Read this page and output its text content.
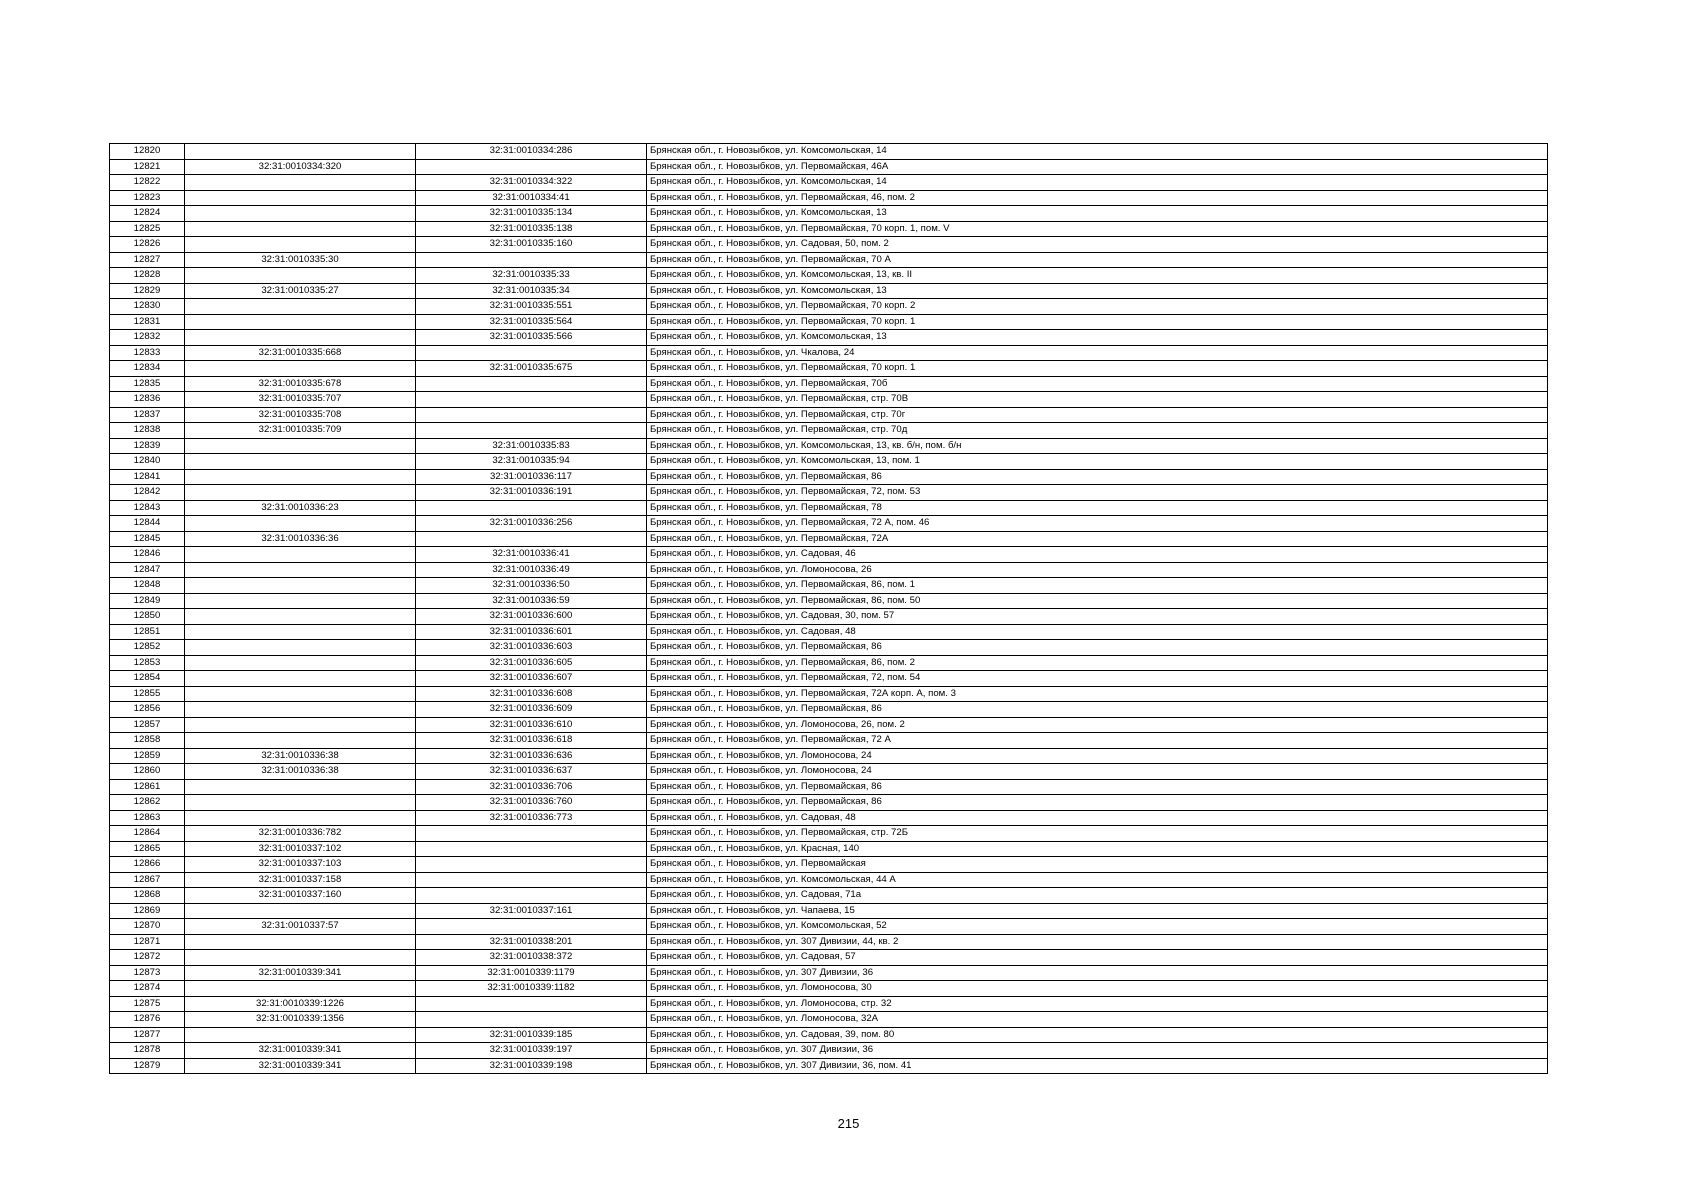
12820		32:31:0010334:286	Брянская обл., г. Новозыбков, ул. Комсомольская, 14
12821	32:31:0010334:320		Брянская обл., г. Новозыбков, ул. Первомайская, 46А
12822		32:31:0010334:322	Брянская обл., г. Новозыбков, ул. Комсомольская, 14
12823		32:31:0010334:41	Брянская обл., г. Новозыбков, ул. Первомайская, 46, пом. 2
12824		32:31:0010335:134	Брянская обл., г. Новозыбков, ул. Комсомольская, 13
12825		32:31:0010335:138	Брянская обл., г. Новозыбков, ул. Первомайская, 70 корп. 1, пом. V
12826		32:31:0010335:160	Брянская обл., г. Новозыбков, ул. Садовая, 50, пом. 2
12827	32:31:0010335:30		Брянская обл., г. Новозыбков, ул. Первомайская, 70 А
12828		32:31:0010335:33	Брянская обл., г. Новозыбков, ул. Комсомольская, 13, кв. II
12829	32:31:0010335:27	32:31:0010335:34	Брянская обл., г. Новозыбков, ул. Комсомольская, 13
12830		32:31:0010335:551	Брянская обл., г. Новозыбков, ул. Первомайская, 70 корп. 2
12831		32:31:0010335:564	Брянская обл., г. Новозыбков, ул. Первомайская, 70 корп. 1
12832		32:31:0010335:566	Брянская обл., г. Новозыбков, ул. Комсомольская, 13
12833	32:31:0010335:668		Брянская обл., г. Новозыбков, ул. Чкалова, 24
12834		32:31:0010335:675	Брянская обл., г. Новозыбков, ул. Первомайская, 70 корп. 1
12835	32:31:0010335:678		Брянская обл., г. Новозыбков, ул. Первомайская, 70б
12836	32:31:0010335:707		Брянская обл., г. Новозыбков, ул. Первомайская, стр. 70В
12837	32:31:0010335:708		Брянская обл., г. Новозыбков, ул. Первомайская, стр. 70г
12838	32:31:0010335:709		Брянская обл., г. Новозыбков, ул. Первомайская, стр. 70д
12839		32:31:0010335:83	Брянская обл., г. Новозыбков, ул. Комсомольская, 13, кв. б/н, пом. б/н
12840		32:31:0010335:94	Брянская обл., г. Новозыбков, ул. Комсомольская, 13, пом. 1
12841		32:31:0010336:117	Брянская обл., г. Новозыбков, ул. Первомайская, 86
12842		32:31:0010336:191	Брянская обл., г. Новозыбков, ул. Первомайская, 72, пом. 53
12843	32:31:0010336:23		Брянская обл., г. Новозыбков, ул. Первомайская, 78
12844		32:31:0010336:256	Брянская обл., г. Новозыбков, ул. Первомайская, 72 А, пом. 46
12845	32:31:0010336:36		Брянская обл., г. Новозыбков, ул. Первомайская, 72А
12846		32:31:0010336:41	Брянская обл., г. Новозыбков, ул. Садовая, 46
12847		32:31:0010336:49	Брянская обл., г. Новозыбков, ул. Ломоносова, 26
12848		32:31:0010336:50	Брянская обл., г. Новозыбков, ул. Первомайская, 86, пом. 1
12849		32:31:0010336:59	Брянская обл., г. Новозыбков, ул. Первомайская, 86, пом. 50
12850		32:31:0010336:600	Брянская обл., г. Новозыбков, ул. Садовая, 30, пом. 57
12851		32:31:0010336:601	Брянская обл., г. Новозыбков, ул. Садовая, 48
12852		32:31:0010336:603	Брянская обл., г. Новозыбков, ул. Первомайская, 86
12853		32:31:0010336:605	Брянская обл., г. Новозыбков, ул. Первомайская, 86, пом. 2
12854		32:31:0010336:607	Брянская обл., г. Новозыбков, ул. Первомайская, 72, пом. 54
12855		32:31:0010336:608	Брянская обл., г. Новозыбков, ул. Первомайская, 72А корп. А, пом. 3
12856		32:31:0010336:609	Брянская обл., г. Новозыбков, ул. Первомайская, 86
12857		32:31:0010336:610	Брянская обл., г. Новозыбков, ул. Ломоносова, 26, пом. 2
12858		32:31:0010336:618	Брянская обл., г. Новозыбков, ул. Первомайская, 72 А
12859	32:31:0010336:38	32:31:0010336:636	Брянская обл., г. Новозыбков, ул. Ломоносова, 24
12860	32:31:0010336:38	32:31:0010336:637	Брянская обл., г. Новозыбков, ул. Ломоносова, 24
12861		32:31:0010336:706	Брянская обл., г. Новозыбков, ул. Первомайская, 86
12862		32:31:0010336:760	Брянская обл., г. Новозыбков, ул. Первомайская, 86
12863		32:31:0010336:773	Брянская обл., г. Новозыбков, ул. Садовая, 48
12864	32:31:0010336:782		Брянская обл., г. Новозыбков, ул. Первомайская, стр. 72Б
12865	32:31:0010337:102		Брянская обл., г. Новозыбков, ул. Красная, 140
12866	32:31:0010337:103		Брянская обл., г. Новозыбков, ул. Первомайская
12867	32:31:0010337:158		Брянская обл., г. Новозыбков, ул. Комсомольская, 44 А
12868	32:31:0010337:160		Брянская обл., г. Новозыбков, ул. Садовая, 71а
12869		32:31:0010337:161	Брянская обл., г. Новозыбков, ул. Чапаева, 15
12870	32:31:0010337:57		Брянская обл., г. Новозыбков, ул. Комсомольская, 52
12871		32:31:0010338:201	Брянская обл., г. Новозыбков, ул. 307 Дивизии, 44, кв. 2
12872		32:31:0010338:372	Брянская обл., г. Новозыбков, ул. Садовая, 57
12873	32:31:0010339:341	32:31:0010339:1179	Брянская обл., г. Новозыбков, ул. 307 Дивизии, 36
12874		32:31:0010339:1182	Брянская обл., г. Новозыбков, ул. Ломоносова, 30
12875	32:31:0010339:1226		Брянская обл., г. Новозыбков, ул. Ломоносова, стр. 32
12876	32:31:0010339:1356		Брянская обл., г. Новозыбков, ул. Ломоносова, 32А
12877		32:31:0010339:185	Брянская обл., г. Новозыбков, ул. Садовая, 39, пом. 80
12878	32:31:0010339:341	32:31:0010339:197	Брянская обл., г. Новозыбков, ул. 307 Дивизии, 36
12879	32:31:0010339:341	32:31:0010339:198	Брянская обл., г. Новозыбков, ул. 307 Дивизии, 36, пом. 41
215
